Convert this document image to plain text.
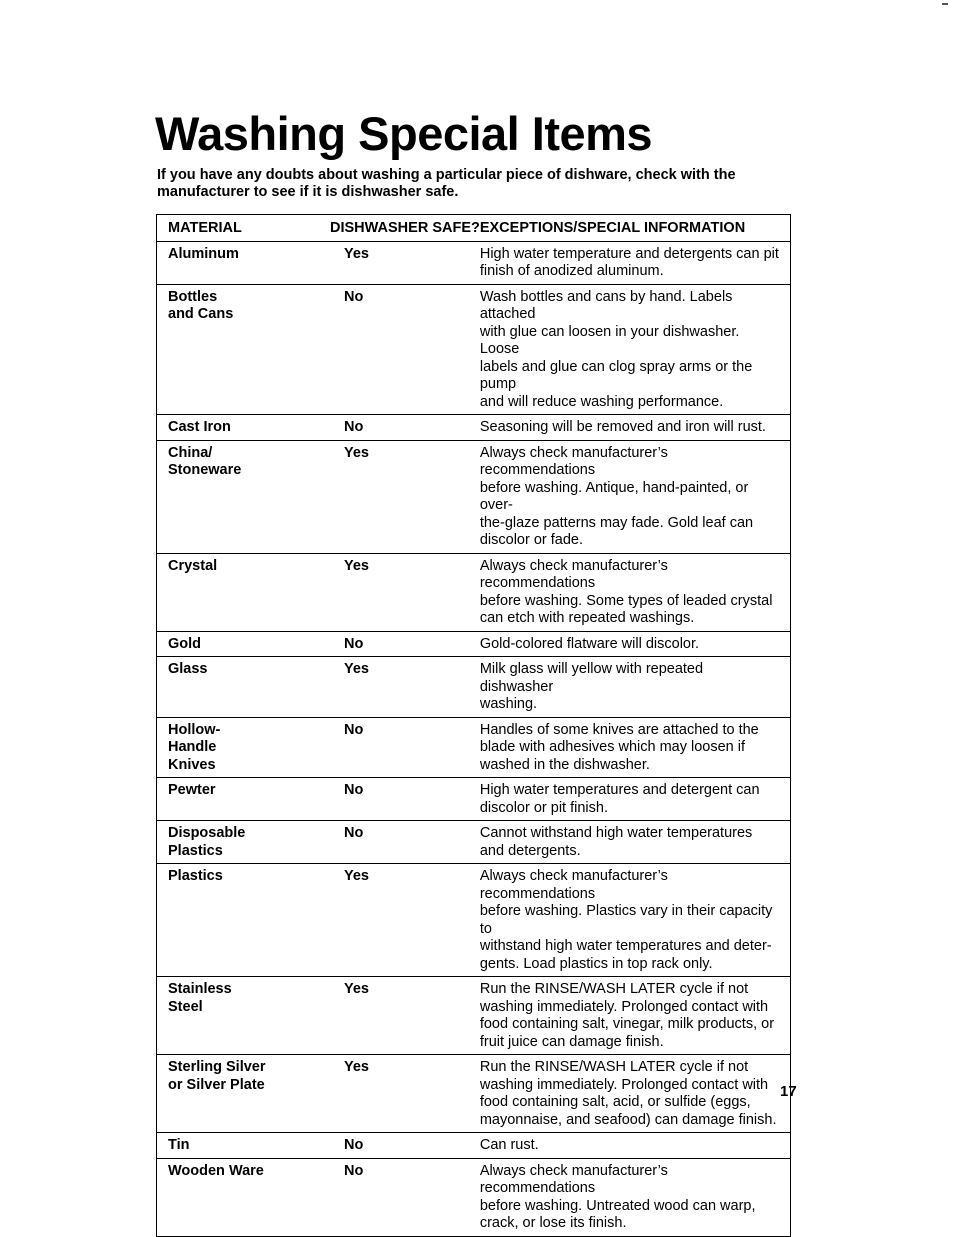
Washing Special Items

If you have any doubts about washing a particular piece of dishware, check with the manufacturer to see if it is dishwasher safe.

MATERIAL	DISHWASHER SAFE?	EXCEPTIONS/SPECIAL INFORMATION
Aluminum	Yes	High water temperature and detergents can pit
finish of anodized aluminum.
Bottles
and Cans	No	Wash bottles and cans by hand. Labels attached
with glue can loosen in your dishwasher. Loose
labels and glue can clog spray arms or the pump
and will reduce washing performance.
Cast Iron	No	Seasoning will be removed and iron will rust.
China/
Stoneware	Yes	Always check manufacturer’s recommendations
before washing. Antique, hand-painted, or over-
the-glaze patterns may fade. Gold leaf can
discolor or fade.
Crystal	Yes	Always check manufacturer’s recommendations
before washing. Some types of leaded crystal
can etch with repeated washings.
Gold	No	Gold-colored flatware will discolor.
Glass	Yes	Milk glass will yellow with repeated dishwasher
washing.
Hollow-
Handle
Knives	No	Handles of some knives are attached to the
blade with adhesives which may loosen if
washed in the dishwasher.
Pewter	No	High water temperatures and detergent can
discolor or pit finish.
Disposable
Plastics	No	Cannot withstand high water temperatures
and detergents.
Plastics	Yes	Always check manufacturer’s recommendations
before washing. Plastics vary in their capacity to
withstand high water temperatures and deter-
gents. Load plastics in top rack only.
Stainless
Steel	Yes	Run the RINSE/WASH LATER cycle if not
washing immediately. Prolonged contact with
food containing salt, vinegar, milk products, or
fruit juice can damage finish.
Sterling Silver
or Silver Plate	Yes	Run the RINSE/WASH LATER cycle if not
washing immediately. Prolonged contact with
food containing salt, acid, or sulfide (eggs,
mayonnaise, and seafood) can damage finish.
Tin	No	Can rust.
Wooden Ware	No	Always check manufacturer’s recommendations
before washing. Untreated wood can warp,
crack, or lose its finish.
17
